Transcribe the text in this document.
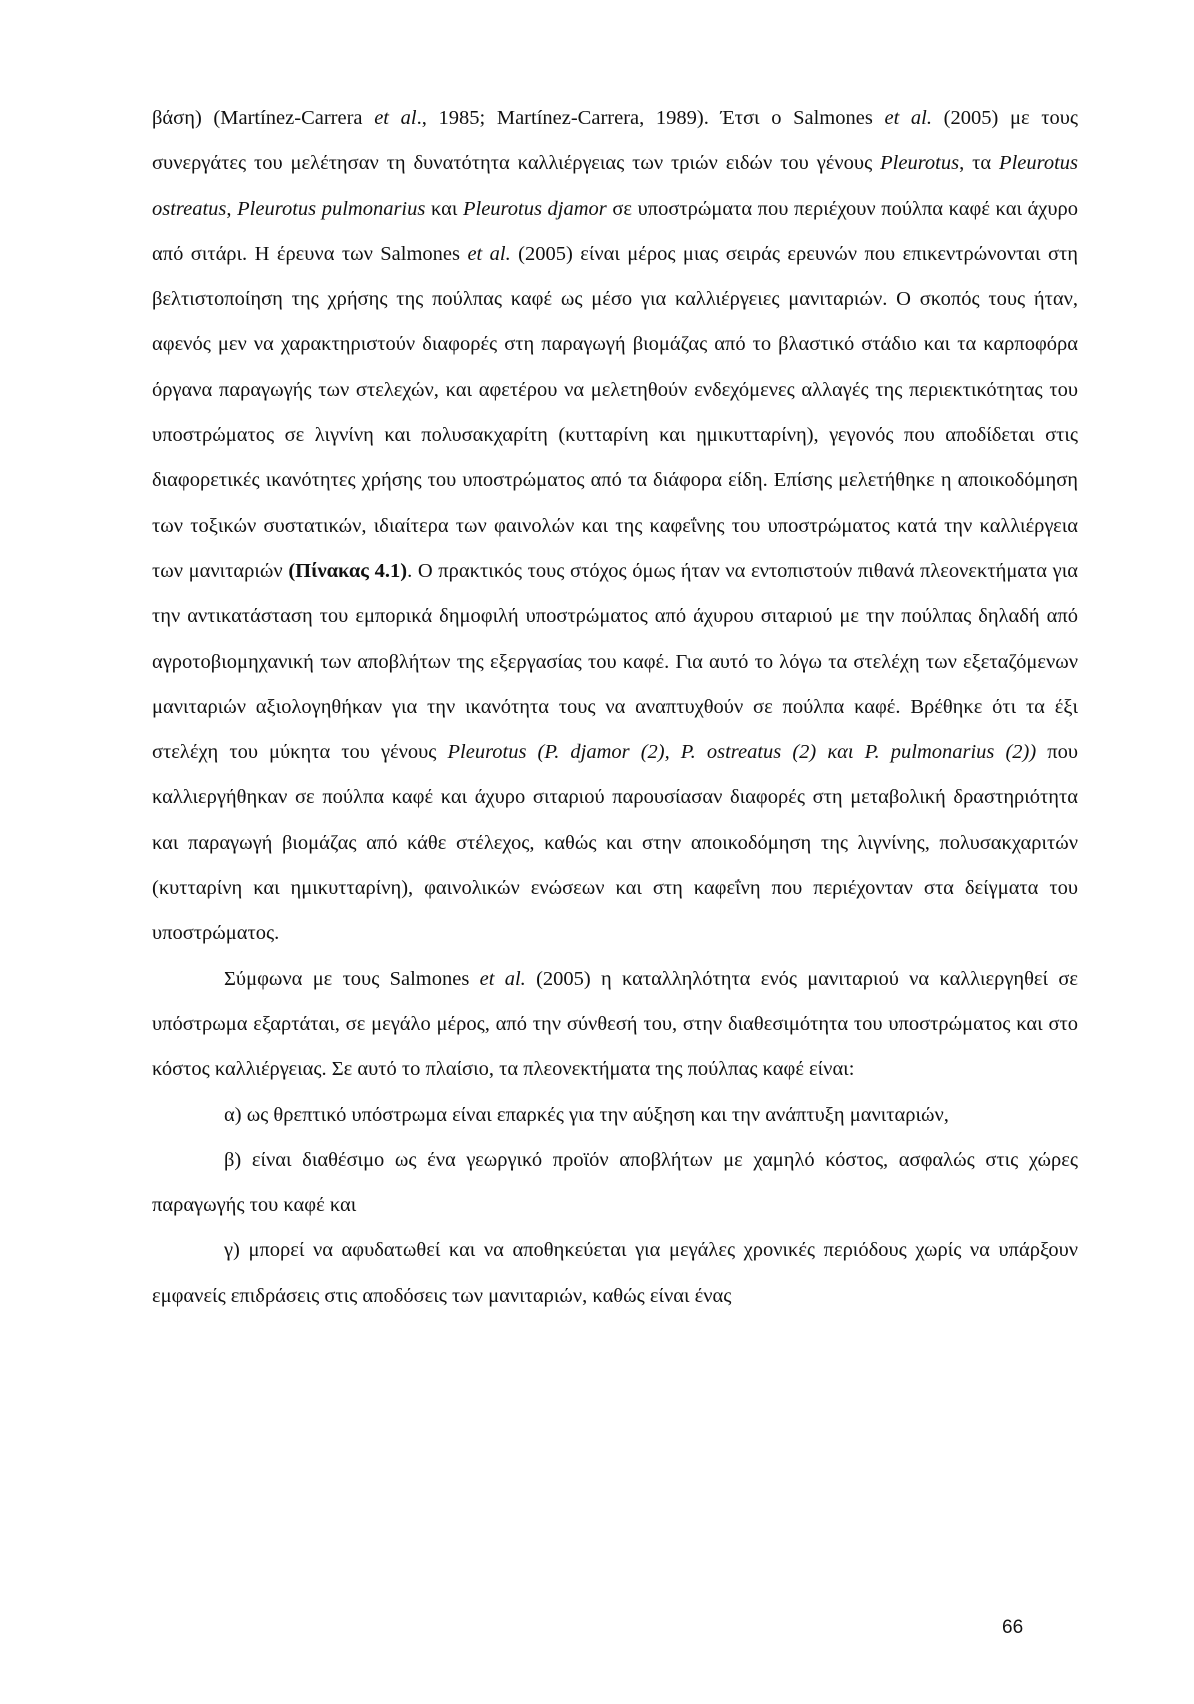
βάση) (Martínez-Carrera et al., 1985; Martínez-Carrera, 1989). Έτσι ο Salmones et al. (2005) με τους συνεργάτες του μελέτησαν τη δυνατότητα καλλιέργειας των τριών ειδών του γένους Pleurotus, τα Pleurotus ostreatus, Pleurotus pulmonarius και Pleurotus djamor σε υποστρώματα που περιέχουν πούλπα καφέ και άχυρο από σιτάρι. Η έρευνα των Salmones et al. (2005) είναι μέρος μιας σειράς ερευνών που επικεντρώνονται στη βελτιστοποίηση της χρήσης της πούλπας καφέ ως μέσο για καλλιέργειες μανιταριών. Ο σκοπός τους ήταν, αφενός μεν να χαρακτηριστούν διαφορές στη παραγωγή βιομάζας από το βλαστικό στάδιο και τα καρποφόρα όργανα παραγωγής των στελεχών, και αφετέρου να μελετηθούν ενδεχόμενες αλλαγές της περιεκτικότητας του υποστρώματος σε λιγνίνη και πολυσακχαρίτη (κυτταρίνη και ημικυτταρίνη), γεγονός που αποδίδεται στις διαφορετικές ικανότητες χρήσης του υποστρώματος από τα διάφορα είδη. Επίσης μελετήθηκε η αποικοδόμηση των τοξικών συστατικών, ιδιαίτερα των φαινολών και της καφεΐνης του υποστρώματος κατά την καλλιέργεια των μανιταριών (Πίνακας 4.1). Ο πρακτικός τους στόχος όμως ήταν να εντοπιστούν πιθανά πλεονεκτήματα για την αντικατάσταση του εμπορικά δημοφιλή υποστρώματος από άχυρου σιταριού με την πούλπας δηλαδή από αγροτοβιομηχανική των αποβλήτων της εξεργασίας του καφέ. Για αυτό το λόγω τα στελέχη των εξεταζόμενων μανιταριών αξιολογηθήκαν για την ικανότητα τους να αναπτυχθούν σε πούλπα καφέ. Βρέθηκε ότι τα έξι στελέχη του μύκητα του γένους Pleurotus (P. djamor (2), P. ostreatus (2) και P. pulmonarius (2)) που καλλιεργήθηκαν σε πούλπα καφέ και άχυρο σιταριού παρουσίασαν διαφορές στη μεταβολική δραστηριότητα και παραγωγή βιομάζας από κάθε στέλεχος, καθώς και στην αποικοδόμηση της λιγνίνης, πολυσακχαριτών (κυτταρίνη και ημικυτταρίνη), φαινολικών ενώσεων και στη καφεΐνη που περιέχονταν στα δείγματα του υποστρώματος.

Σύμφωνα με τους Salmones et al. (2005) η καταλληλότητα ενός μανιταριού να καλλιεργηθεί σε υπόστρωμα εξαρτάται, σε μεγάλο μέρος, από την σύνθεσή του, στην διαθεσιμότητα του υποστρώματος και στο κόστος καλλιέργειας. Σε αυτό το πλαίσιο, τα πλεονεκτήματα της πούλπας καφέ είναι:

α) ως θρεπτικό υπόστρωμα είναι επαρκές για την αύξηση και την ανάπτυξη μανιταριών,

β) είναι διαθέσιμο ως ένα γεωργικό προϊόν αποβλήτων με χαμηλό κόστος, ασφαλώς στις χώρες παραγωγής του καφέ και

γ) μπορεί να αφυδατωθεί και να αποθηκεύεται για μεγάλες χρονικές περιόδους χωρίς να υπάρξουν εμφανείς επιδράσεις στις αποδόσεις των μανιταριών, καθώς είναι ένας

66
